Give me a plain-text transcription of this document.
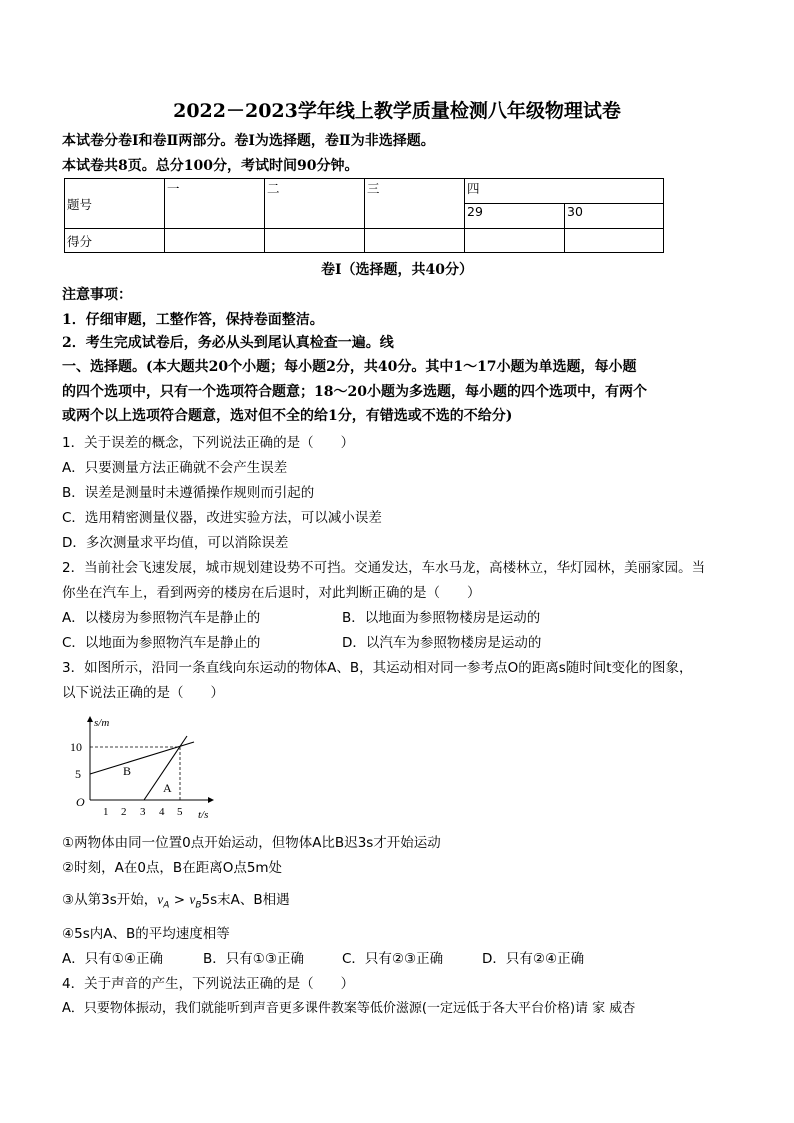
2022－2023学年线上教学质量检测八年级物理试卷
本试卷分卷Ⅰ和卷Ⅱ两部分。卷Ⅰ为选择题，卷Ⅱ为非选择题。
本试卷共8页。总分100分，考试时间90分钟。
题号	一	二	三	四	
				29	30
得分					
卷Ⅰ（选择题，共40分）
注意事项：
1．仔细审题，工整作答，保持卷面整洁。
2．考生完成试卷后，务必从头到尾认真检查一遍。线
一、选择题。(本大题共20个小题；每小题2分，共40分。其中1～17小题为单选题，每小题
的四个选项中，只有一个选项符合题意；18～20小题为多选题，每小题的四个选项中，有两个
或两个以上选项符合题意，选对但不全的给1分，有错选或不选的不给分)
1．关于误差的概念，下列说法正确的是（　　）
A．只要测量方法正确就不会产生误差
B．误差是测量时未遵循操作规则而引起的
C．选用精密测量仪器，改进实验方法，可以减小误差
D．多次测量求平均值，可以消除误差
2．当前社会飞速发展，城市规划建设势不可挡。交通发达，车水马龙，高楼林立，华灯园林，美丽家园。当
你坐在汽车上，看到两旁的楼房在后退时，对此判断正确的是（　　）
A．以楼房为参照物汽车是静止的	B．以地面为参照物楼房是运动的
C．以地面为参照物汽车是静止的	D．以汽车为参照物楼房是运动的
3．如图所示，沿同一条直线向东运动的物体A、B，其运动相对同一参考点O的距离s随时间t变化的图象，
以下说法正确的是（　　）
s/m
10
5
O
1 2 3 4 5 t/s
B
A
①两物体由同一位置0点开始运动，但物体A比B迟3s才开始运动
②时刻，A在0点，B在距离O点5m处
③从第3s开始，$v_A > v_B5s$末A、B相遇
④5s内A、B的平均速度相等
A．只有①④正确	B．只有①③正确	C．只有②③正确	D．只有②④正确
4．关于声音的产生，下列说法正确的是（　　）
A．只要物体振动，我们就能听到声音更多课件教案等低价滋源(一定远低于各大平台价格)请 家 威杏
